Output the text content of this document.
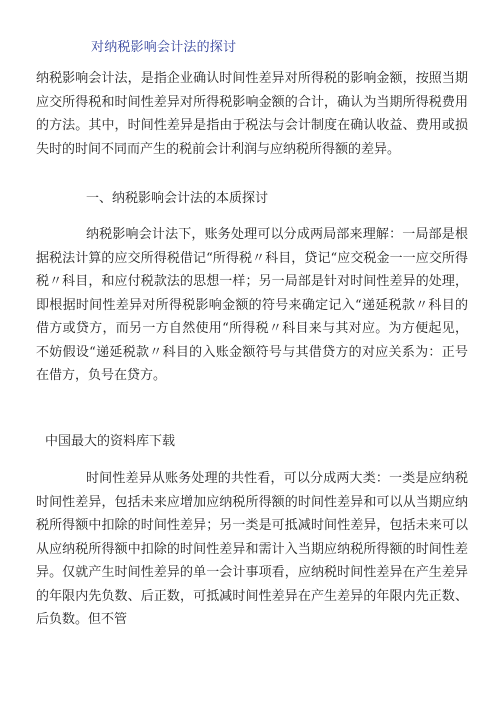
对纳税影响会计法的探讨

纳税影响会计法，是指企业确认时间性差异对所得税的影响金额，按照当期应交所得税和时间性差异对所得税影响金额的合计，确认为当期所得税费用的方法。其中，时间性差异是指由于税法与会计制度在确认收益、费用或损失时的时间不同而产生的税前会计利润与应纳税所得额的差异。

一、纳税影响会计法的本质探讨

纳税影响会计法下，账务处理可以分成两局部来理解：一局部是根据税法计算的应交所得税借记“所得税〃科目，贷记“应交税金一一应交所得税〃科目，和应付税款法的思想一样；另一局部是针对时间性差异的处理，即根据时间性差异对所得税影响金额的符号来确定记入“递延税款〃科目的借方或贷方，而另一方自然使用“所得税〃科目来与其对应。为方便起见，不妨假设“递延税款〃科目的入账金额符号与其借贷方的对应关系为：正号在借方，负号在贷方。

中国最大的资料库下载

时间性差异从账务处理的共性看，可以分成两大类：一类是应纳税时间性差异，包括未来应增加应纳税所得额的时间性差异和可以从当期应纳税所得额中扣除的时间性差异；另一类是可抵减时间性差异，包括未来可以从应纳税所得额中扣除的时间性差异和需计入当期应纳税所得额的时间性差异。仅就产生时间性差异的单一会计事项看，应纳税时间性差异在产生差异的年限内先负数、后正数，可抵减时间性差异在产生差异的年限内先正数、后负数。但不管
